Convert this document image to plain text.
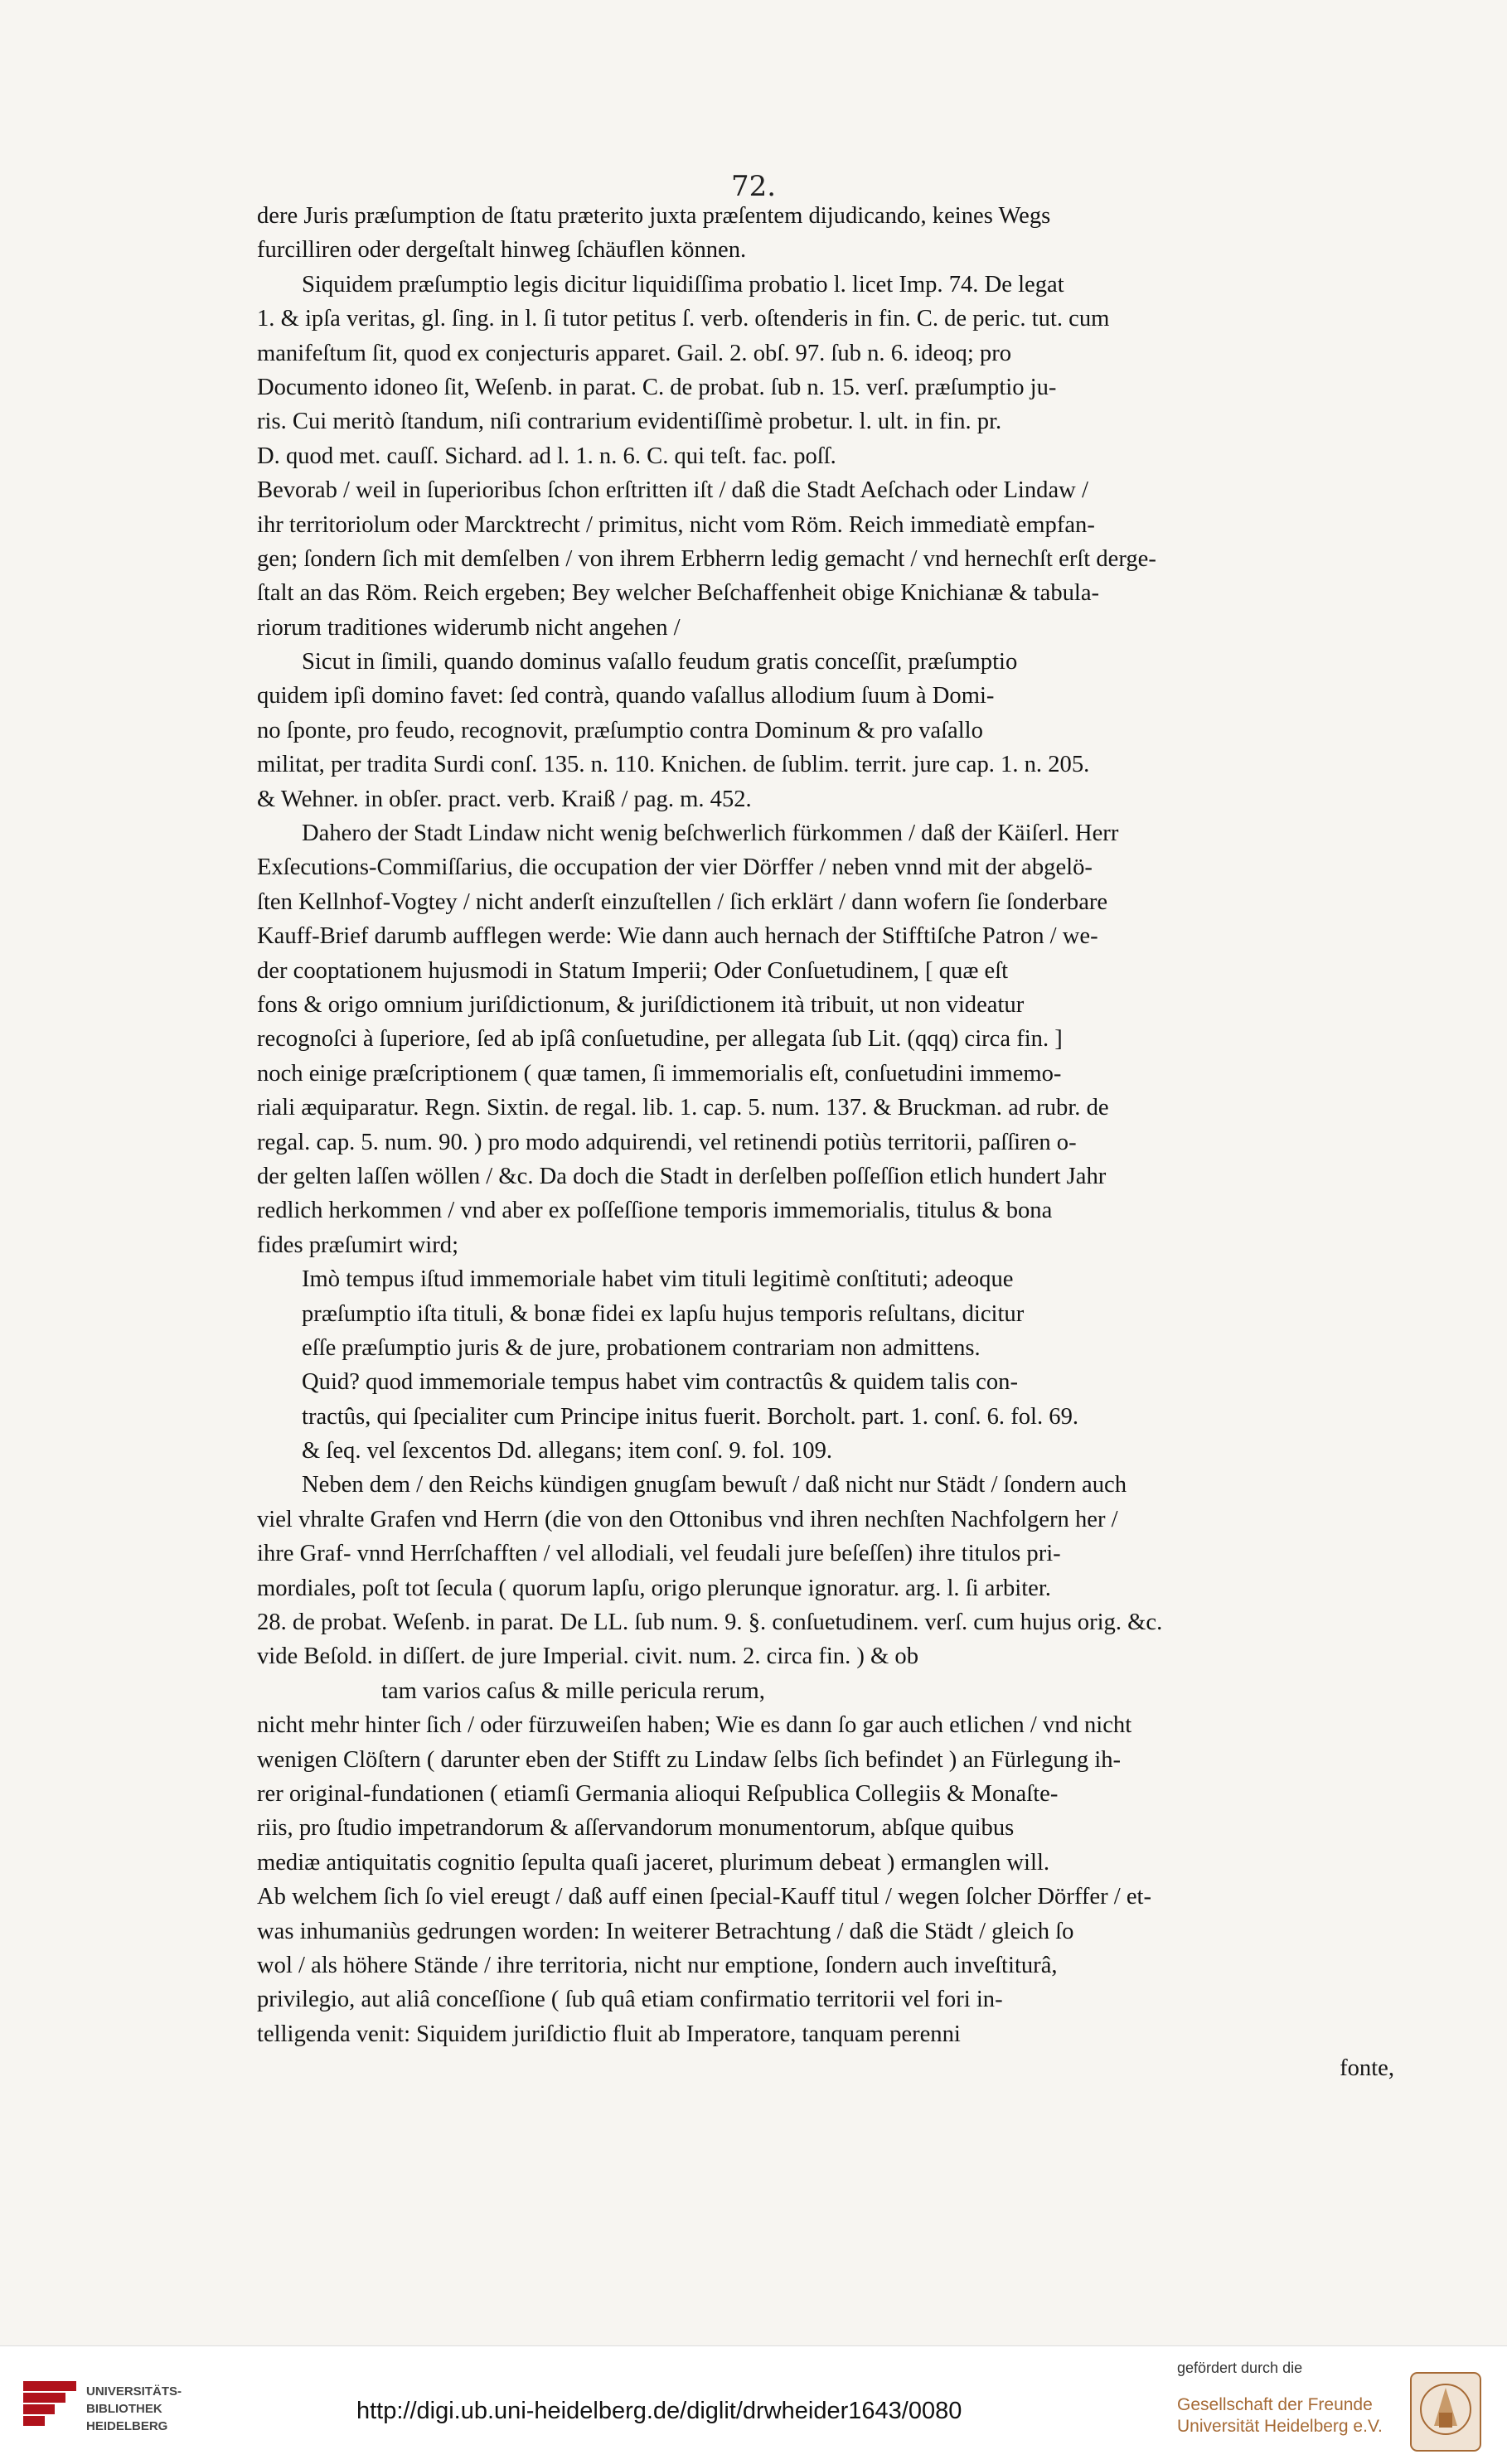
72.
dere Juris præſumption de ſtatu præterito juxta præſentem dijudicando, keines Wegs
furcilliren oder dergeſtalt hinweg ſchäuflen können.
Siquidem præſumptio legis dicitur liquidiſſima probatio l. licet Imp. 74. De legat
1. & ipſa veritas, gl. ſing. in l. ſi tutor petitus ſ. verb. oſtenderis in fin. C. de peric. tut. cum
manifeſtum ſit, quod ex conjecturis apparet. Gail. 2. obſ. 97. ſub n. 6. ideoq; pro
Documento idoneo ſit, Weſenb. in parat. C. de probat. ſub n. 15. verſ. præſumptio ju-
ris. Cui meritò ſtandum, niſi contrarium evidentiſſimè probetur. l. ult. in fin. pr.
D. quod met. cauſſ. Sichard. ad l. 1. n. 6. C. qui teſt. fac. poſſ.
Bevorab / weil in ſuperioribus ſchon erſtritten iſt / daß die Stadt Aeſchach oder Lindaw /
ihr territoriolum oder Marcktrecht / primitus, nicht vom Röm. Reich immediatè empfan-
gen; ſondern ſich mit demſelben / von ihrem Erbherrn ledig gemacht / vnd hernechſt erſt derge-
ſtalt an das Röm. Reich ergeben; Bey welcher Beſchaffenheit obige Knichianæ & tabula-
riorum traditiones widerumb nicht angehen /
Sicut in ſimili, quando dominus vaſallo feudum gratis conceſſit, præſumptio
quidem ipſi domino favet: ſed contrà, quando vaſallus allodium ſuum à Domi-
no ſponte, pro feudo, recognovit, præſumptio contra Dominum & pro vaſallo
militat, per tradita Surdi conſ. 135. n. 110. Knichen. de ſublim. territ. jure cap. 1. n. 205.
& Wehner. in obſer. pract. verb. Kraiß / pag. m. 452.
Dahero der Stadt Lindaw nicht wenig beſchwerlich fürkommen / daß der Käiſerl. Herr
Exſecutions-Commiſſarius, die occupation der vier Dörffer / neben vnnd mit der abgelö-
ſten Kellnhof-Vogtey / nicht anderſt einzuſtellen / ſich erklärt / dann wofern ſie ſonderbare
Kauff-Brief darumb aufflegen werde: Wie dann auch hernach der Stifftiſche Patron / we-
der cooptationem hujusmodi in Statum Imperii; Oder Conſuetudinem, [ quæ eſt
fons & origo omnium juriſdictionum, & juriſdictionem ità tribuit, ut non videatur
recognoſci à ſuperiore, ſed ab ipſâ conſuetudine, per allegata ſub Lit. (qqq) circa fin. ]
noch einige præſcriptionem ( quæ tamen, ſi immemorialis eſt, conſuetudini immemo-
riali æquiparatur. Regn. Sixtin. de regal. lib. 1. cap. 5. num. 137. & Bruckman. ad rubr. de
regal. cap. 5. num. 90. ) pro modo adquirendi, vel retinendi potiùs territorii, paſſiren o-
der gelten laſſen wöllen / &c. Da doch die Stadt in derſelben poſſeſſion etlich hundert Jahr
redlich herkommen / vnd aber ex poſſeſſione temporis immemorialis, titulus & bona
fides præſumirt wird;
Imò tempus iſtud immemoriale habet vim tituli legitimè conſtituti; adeoque
præſumptio iſta tituli, & bonæ fidei ex lapſu hujus temporis reſultans, dicitur
eſſe præſumptio juris & de jure, probationem contrariam non admittens.
Quid? quod immemoriale tempus habet vim contractûs & quidem talis con-
tractûs, qui ſpecialiter cum Principe initus fuerit. Borcholt. part. 1. conſ. 6. fol. 69.
& ſeq. vel ſexcentos Dd. allegans; item conſ. 9. fol. 109.
Neben dem / den Reichs kündigen gnugſam bewuſt / daß nicht nur Städt / ſondern auch
viel vhralte Grafen vnd Herrn (die von den Ottonibus vnd ihren nechſten Nachfolgern her /
ihre Graf- vnnd Herrſchafften / vel allodiali, vel feudali jure beſeſſen) ihre titulos pri-
mordiales, poſt tot ſecula ( quorum lapſu, origo plerunque ignoratur. arg. l. ſi arbiter.
28. de probat. Weſenb. in parat. De LL. ſub num. 9. §. conſuetudinem. verſ. cum hujus orig. &c.
vide Beſold. in diſſert. de jure Imperial. civit. num. 2. circa fin. ) & ob
tam varios caſus & mille pericula rerum,
nicht mehr hinter ſich / oder fürzuweiſen haben; Wie es dann ſo gar auch etlichen / vnd nicht
wenigen Clöſtern ( darunter eben der Stifft zu Lindaw ſelbs ſich befindet ) an Fürlegung ih-
rer original-fundationen ( etiamſi Germania alioqui Reſpublica Collegiis & Monaſte-
riis, pro ſtudio impetrandorum & aſſervandorum monumentorum, abſque quibus
mediæ antiquitatis cognitio ſepulta quaſi jaceret, plurimum debeat ) ermanglen will.
Ab welchem ſich ſo viel ereugt / daß auff einen ſpecial-Kauff titul / wegen ſolcher Dörffer / et-
was inhumaniùs gedrungen worden: In weiterer Betrachtung / daß die Städt / gleich ſo
wol / als höhere Stände / ihre territoria, nicht nur emptione, ſondern auch inveſtiturâ,
privilegio, aut aliâ conceſſione ( ſub quâ etiam confirmatio territorii vel fori in-
telligenda venit: Siquidem juriſdictio fluit ab Imperatore, tanquam perenni
fonte,
UNIVERSITÄTS-
BIBLIOTHEK
HEIDELBERG
http://digi.ub.uni-heidelberg.de/diglit/drwheider1643/0080
gefördert durch die
Gesellschaft der Freunde
Universität Heidelberg e.V.
